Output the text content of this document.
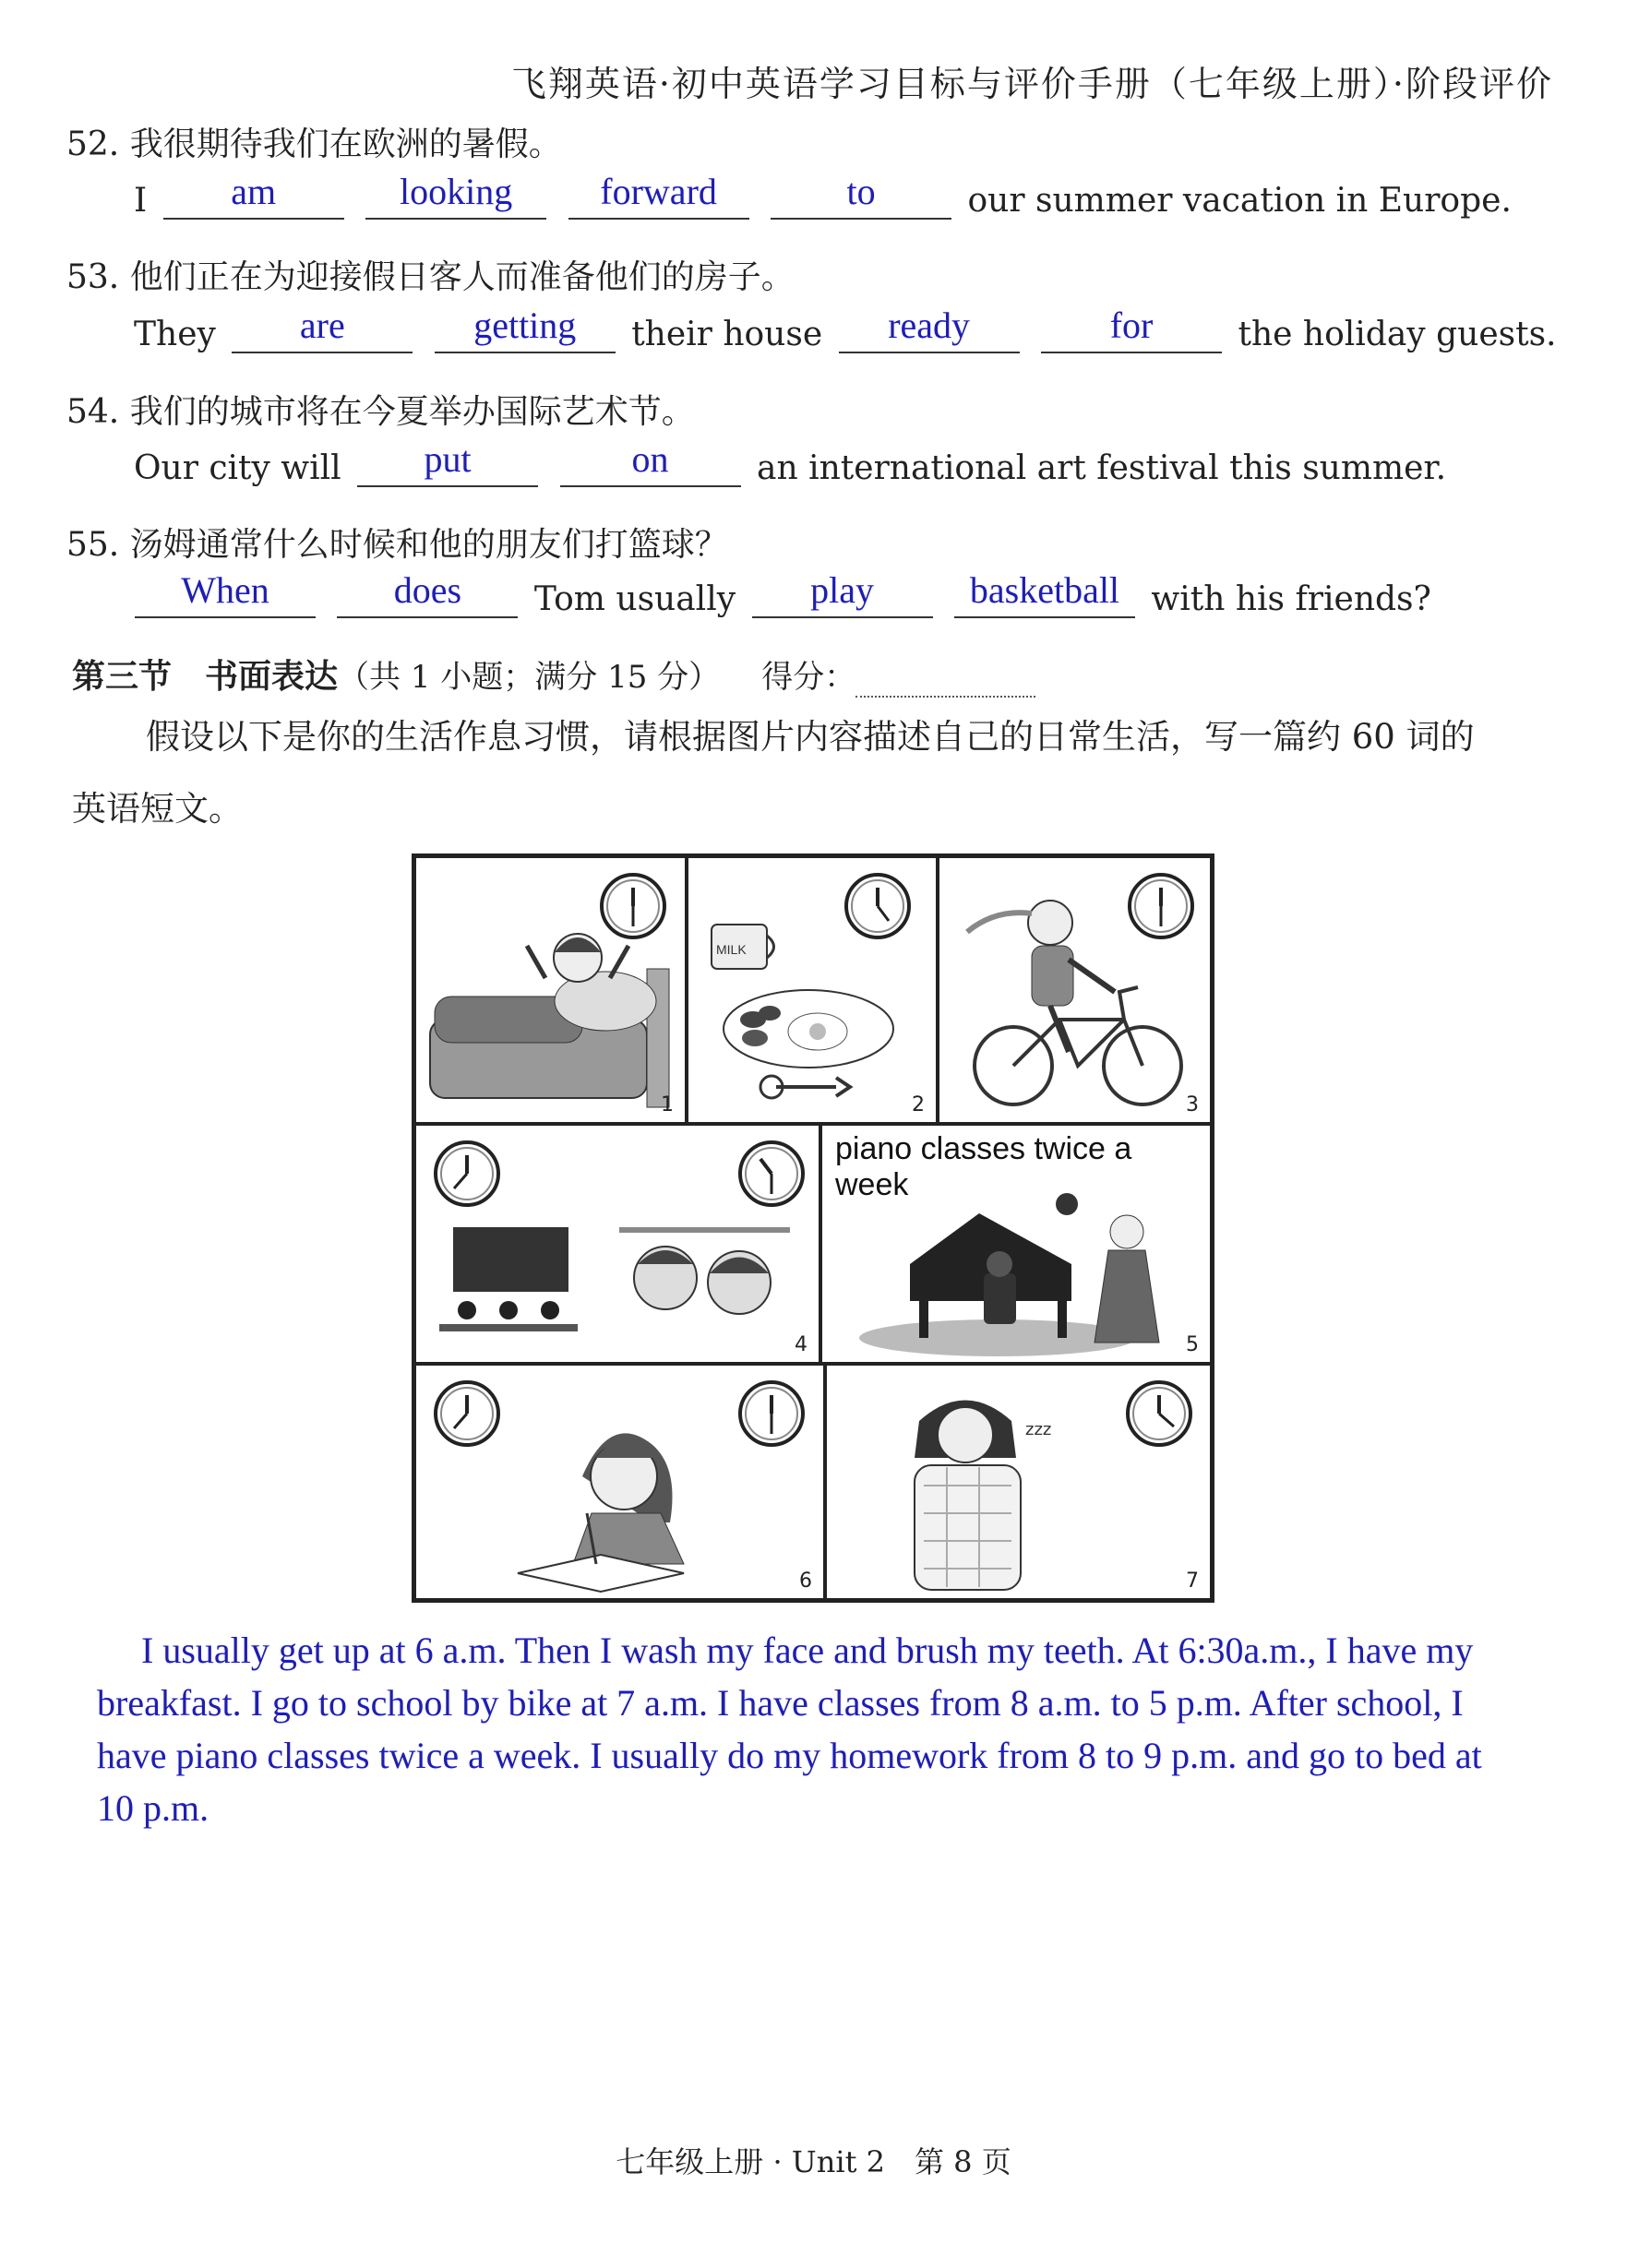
飞翔英语·初中英语学习目标与评价手册（七年级上册）·阶段评价
52. 我很期待我们在欧洲的暑假。
I am	looking forward	to	our summer vacation in Europe.
53. 他们正在为迎接假日客人而准备他们的房子。
They are	getting their house ready	for	the holiday guests.
54. 我们的城市将在今夏举办国际艺术节。
Our city will put	on	an international art festival this summer.
55. 汤姆通常什么时候和他的朋友们打篮球？
When	does Tom usually play	basketball with his friends?
第三节　书面表达（共 1 小题；满分 15 分） 得分：
假设以下是你的生活作息习惯，请根据图片内容描述自己的日常生活，写一篇约 60 词的
英语短文。
1
MILK
2	3
4
piano classes twice a week
5
6
zzz
7
I usually get up at 6 a.m. Then I wash my face and brush my teeth. At 6:30a.m., I have my
breakfast. I go to school by bike at 7 a.m. I have classes from 8 a.m. to 5 p.m. After school, I
have piano classes twice a week. I usually do my homework from 8 to 9 p.m. and go to bed at
10 p.m.
七年级上册 · Unit 2　第 8 页
